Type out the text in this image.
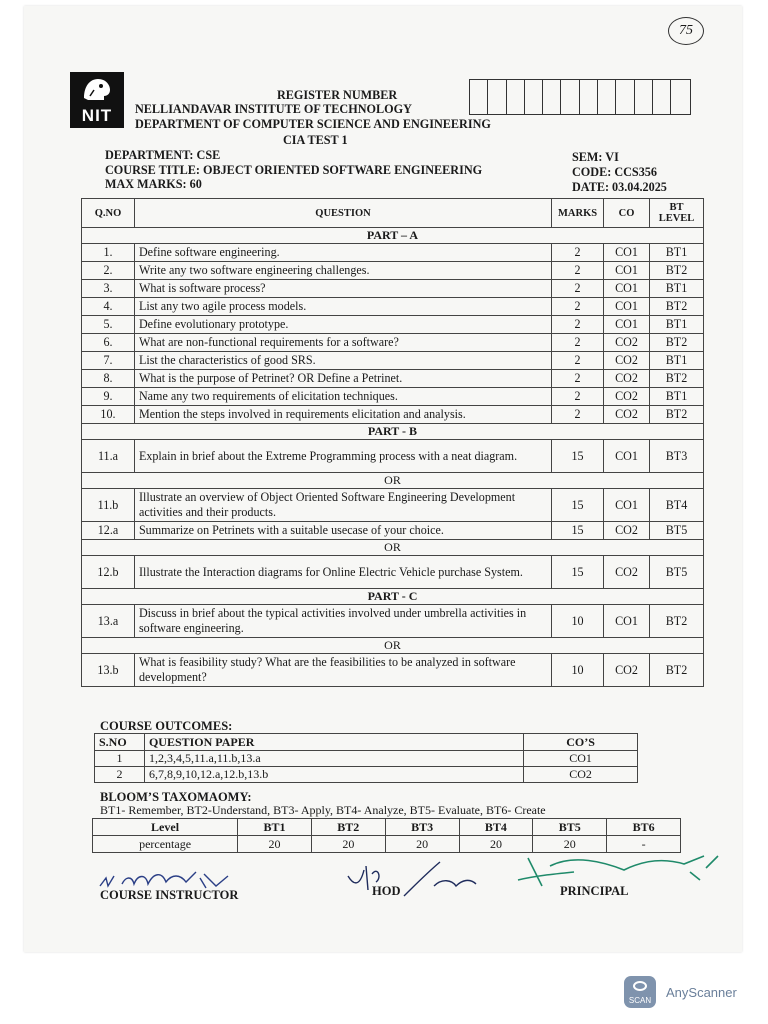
75
NIT
REGISTER NUMBER
NELLIANDAVAR INSTITUTE OF TECHNOLOGY
DEPARTMENT OF COMPUTER SCIENCE AND ENGINEERING
CIA TEST 1
DEPARTMENT: CSE
COURSE TITLE: OBJECT ORIENTED SOFTWARE ENGINEERING
MAX MARKS: 60
SEM: VI
CODE: CCS356
DATE: 03.04.2025
Q.NO	QUESTION	MARKS	CO	BT LEVEL
PART – A				
1.	Define software engineering.	2	CO1	BT1
2.	Write any two software engineering challenges.	2	CO1	BT2
3.	What is software process?	2	CO1	BT1
4.	List any two agile process models.	2	CO1	BT2
5.	Define evolutionary prototype.	2	CO1	BT1
6.	What are non-functional requirements for a software?	2	CO2	BT2
7.	List the characteristics of good SRS.	2	CO2	BT1
8.	What is the purpose of Petrinet? OR Define a Petrinet.	2	CO2	BT2
9.	Name any two requirements of elicitation techniques.	2	CO2	BT1
10.	Mention the steps involved in requirements elicitation and analysis.	2	CO2	BT2
PART - B				
11.a	Explain in brief about the Extreme Programming process with a neat diagram.	15	CO1	BT3
OR				
11.b	Illustrate an overview of Object Oriented Software Engineering Development activities and their products.	15	CO1	BT4
12.a	Summarize on Petrinets with a suitable usecase of your choice.	15	CO2	BT5
OR				
12.b	Illustrate the Interaction diagrams for Online Electric Vehicle purchase System.	15	CO2	BT5
PART - C				
13.a	Discuss in brief about the typical activities involved under umbrella activities in software engineering.	10	CO1	BT2
OR				
13.b	What is feasibility study? What are the feasibilities to be analyzed in software development?	10	CO2	BT2
COURSE OUTCOMES:
S.NO	QUESTION PAPER	CO’S
1	1,2,3,4,5,11.a,11.b,13.a	CO1
2	6,7,8,9,10,12.a,12.b,13.b	CO2
BLOOM’S TAXOMAOMY:
BT1- Remember, BT2-Understand, BT3- Apply, BT4- Analyze, BT5- Evaluate, BT6- Create
Level	BT1	BT2	BT3	BT4	BT5	BT6
percentage	20	20	20	20	20	-
COURSE INSTRUCTOR	HOD	PRINCIPAL
SCAN
AnyScanner
